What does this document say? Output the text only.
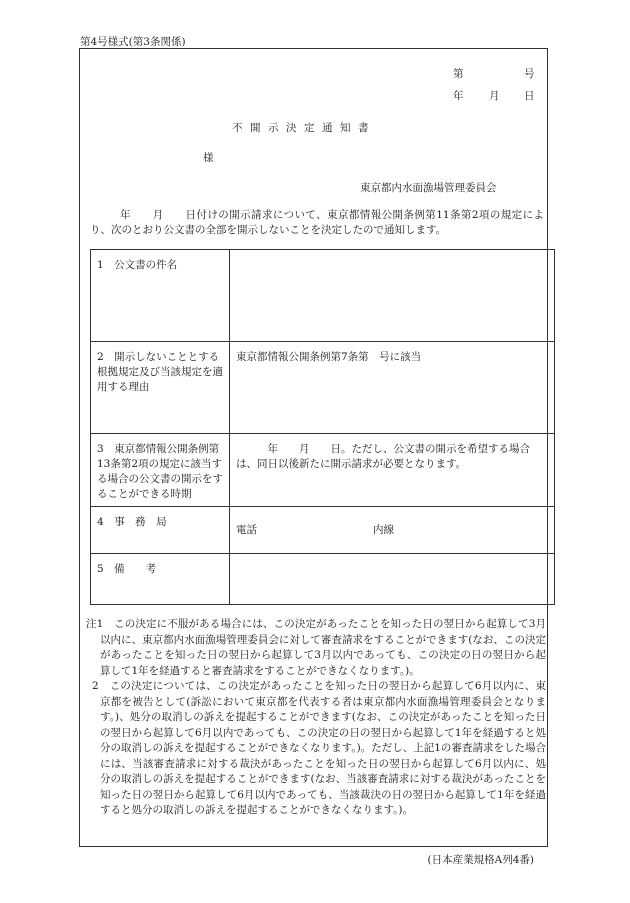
第4号様式(第3条関係)
第	号
年 月 日
不開示決定通知書
様
東京都内水面漁場管理委員会
年　　 月　　 日付けの開示請求について、東京都情報公開条例第11条第2項の規定により、次のとおり公文書の全部を開示しないことを決定したので通知します。
1　公文書の件名	
2　開示しないこととする根拠規定及び当該規定を適用する理由	東京都情報公開条例第7条第　号に該当
3　東京都情報公開条例第13条第2項の規定に該当する場合の公文書の開示をすることができる時期	　　　年　　月　　日。ただし、公文書の開示を希望する場合は、同日以後新たに開示請求が必要となります。
4　事　務　局	電話 内線
5　備　　考	
注1　 この決定に不服がある場合には、この決定があったことを知った日の翌日から起算して3月以内に、東京都内水面漁場管理委員会に対して審査請求をすることができます(なお、この決定があったことを知った日の翌日から起算して3月以内であっても、この決定の日の翌日から起算して1年を経過すると審査請求をすることができなくなります。)。
2　 この決定については、この決定があったことを知った日の翌日から起算して6月以内に、東京都を被告として(訴訟において東京都を代表する者は東京都内水面漁場管理委員会となります。)、処分の取消しの訴えを提起することができます(なお、この決定があったことを知った日の翌日から起算して6月以内であっても、この決定の日の翌日から起算して1年を経過すると処分の取消しの訴えを提起することができなくなります。)。ただし、上記1の審査請求をした場合には、当該審査請求に対する裁決があったことを知った日の翌日から起算して6月以内に、処分の取消しの訴えを提起することができます(なお、当該審査請求に対する裁決があったことを知った日の翌日から起算して6月以内であっても、当該裁決の日の翌日から起算して1年を経過すると処分の取消しの訴えを提起することができなくなります。)。
(日本産業規格A列4番)
